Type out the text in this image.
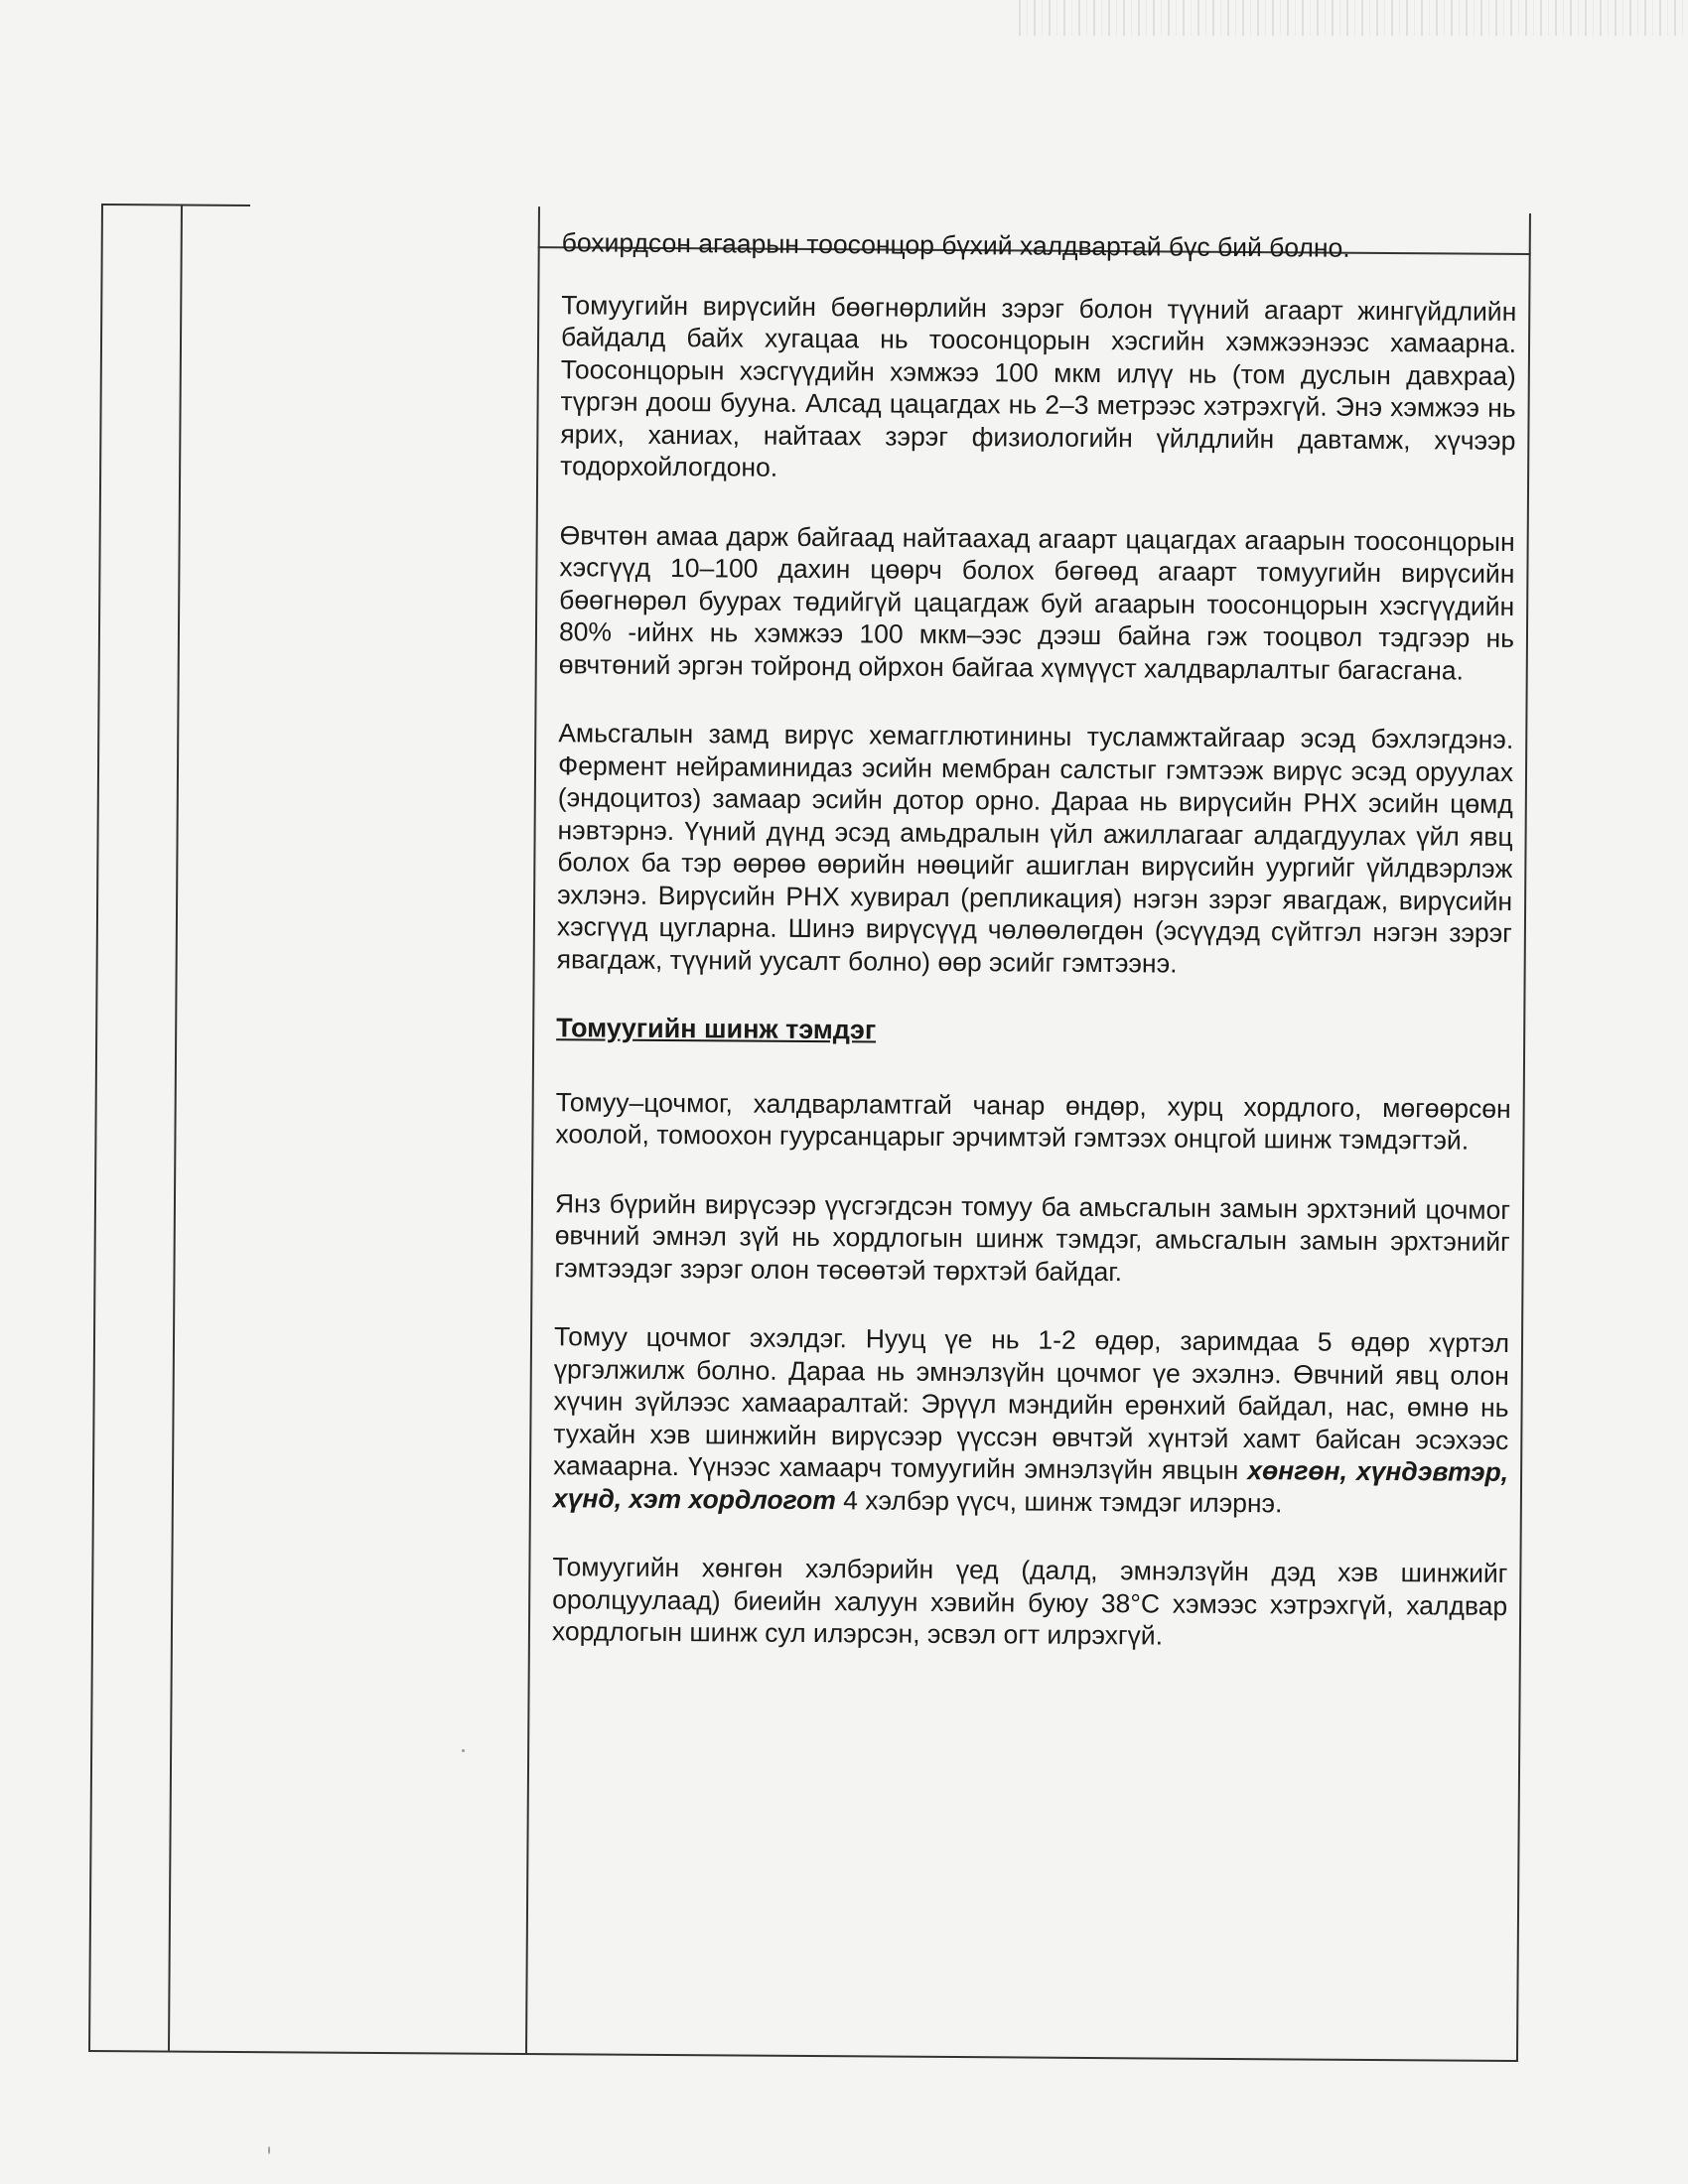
бохирдсон агаарын тоосонцор бүхий халдвартай бүс бий болно.

Томуугийн вирүсийн бөөгнөрлийн зэрэг болон түүний агаарт жингүйдлийн байдалд байх хугацаа нь тоосонцорын хэсгийн хэмжээнээс хамаарна. Тоосонцорын хэсгүүдийн хэмжээ 100 мкм илүү нь (том дуслын давхраа) түргэн доош бууна. Алсад цацагдах нь 2–3 метрээс хэтрэхгүй. Энэ хэмжээ нь ярих, ханиах, найтаах зэрэг физиологийн үйлдлийн давтамж, хүчээр тодорхойлогдоно.

Өвчтөн амаа дарж байгаад найтаахад агаарт цацагдах агаарын тоосонцорын хэсгүүд 10–100 дахин цөөрч болох бөгөөд агаарт томуугийн вирүсийн бөөгнөрөл буурах төдийгүй цацагдаж буй агаарын тоосонцорын хэсгүүдийн 80% -ийнх нь хэмжээ 100 мкм–ээс дээш байна гэж тооцвол тэдгээр нь өвчтөний эргэн тойронд ойрхон байгаа хүмүүст халдварлалтыг багасгана.

Амьсгалын замд вирүс хемагглютинины тусламжтайгаар эсэд бэхлэгдэнэ. Фермент нейраминидаз эсийн мембран салстыг гэмтээж вирүс эсэд оруулах (эндоцитоз) замаар эсийн дотор орно. Дараа нь вирүсийн РНХ эсийн цөмд нэвтэрнэ. Үүний дүнд эсэд амьдралын үйл ажиллагааг алдагдуулах үйл явц болох ба тэр өөрөө өөрийн нөөцийг ашиглан вирүсийн уургийг үйлдвэрлэж эхлэнэ. Вирүсийн РНХ хувирал (репликация) нэгэн зэрэг явагдаж, вирүсийн хэсгүүд цугларна. Шинэ вирүсүүд чөлөөлөгдөн (эсүүдэд сүйтгэл нэгэн зэрэг явагдаж, түүний уусалт болно) өөр эсийг гэмтээнэ.

Томуугийн шинж тэмдэг

Томуу–цочмог, халдварламтгай чанар өндөр, хурц хордлого, мөгөөрсөн хоолой, томоохон гуурсанцарыг эрчимтэй гэмтээх онцгой шинж тэмдэгтэй.

Янз бүрийн вирүсээр үүсгэгдсэн томуу ба амьсгалын замын эрхтэний цочмог өвчний эмнэл зүй нь хордлогын шинж тэмдэг, амьсгалын замын эрхтэнийг гэмтээдэг зэрэг олон төсөөтэй төрхтэй байдаг.

Томуу цочмог эхэлдэг. Нууц үе нь 1-2 өдөр, заримдаа 5 өдөр хүртэл үргэлжилж болно. Дараа нь эмнэлзүйн цочмог үе эхэлнэ. Өвчний явц олон хүчин зүйлээс хамааралтай: Эрүүл мэндийн ерөнхий байдал, нас, өмнө нь тухайн хэв шинжийн вирүсээр үүссэн өвчтэй хүнтэй хамт байсан эсэхээс хамаарна. Үүнээс хамаарч томуугийн эмнэлзүйн явцын хөнгөн, хүндэвтэр, хүнд, хэт хордлогот 4 хэлбэр үүсч, шинж тэмдэг илэрнэ.

Томуугийн хөнгөн хэлбэрийн үед (далд, эмнэлзүйн дэд хэв шинжийг оролцуулаад) биеийн халуун хэвийн буюу 38°С хэмээс хэтрэхгүй, халдвар хордлогын шинж сул илэрсэн, эсвэл огт илрэхгүй.
